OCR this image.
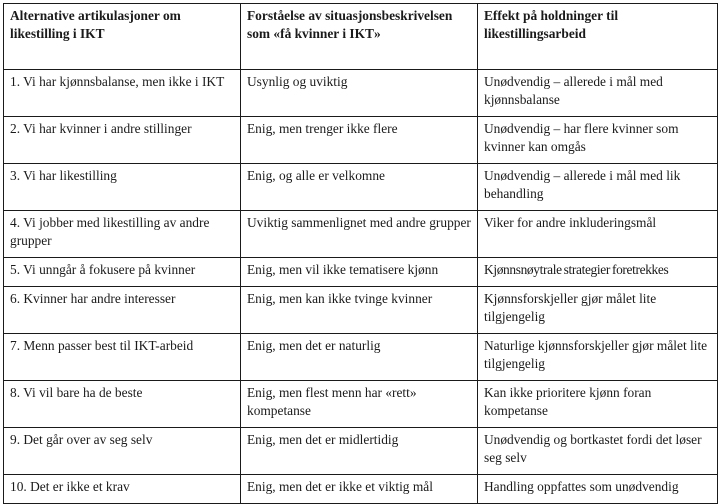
Alternative artikulasjoner om likestilling i IKT	Forståelse av situasjonsbeskrivelsen som «få kvinner i IKT»	Effekt på holdninger til likestillingsarbeid
1. Vi har kjønnsbalanse, men ikke i IKT	Usynlig og uviktig	Unødvendig – allerede i mål med kjønnsbalanse
2. Vi har kvinner i andre stillinger	Enig, men trenger ikke flere	Unødvendig – har flere kvinner som kvinner kan omgås
3. Vi har likestilling	Enig, og alle er velkomne	Unødvendig – allerede i mål med lik behandling
4. Vi jobber med likestilling av andre grupper	Uviktig sammenlignet med andre grupper	Viker for andre inkluderingsmål
5. Vi unngår å fokusere på kvinner	Enig, men vil ikke tematisere kjønn	Kjønnsnøytrale strategier foretrekkes
6. Kvinner har andre interesser	Enig, men kan ikke tvinge kvinner	Kjønnsforskjeller gjør målet lite tilgjengelig
7. Menn passer best til IKT-arbeid	Enig, men det er naturlig	Naturlige kjønnsforskjeller gjør målet lite tilgjengelig
8. Vi vil bare ha de beste	Enig, men flest menn har «rett» kompetanse	Kan ikke prioritere kjønn foran kompetanse
9. Det går over av seg selv	Enig, men det er midlertidig	Unødvendig og bortkastet fordi det løser seg selv
10. Det er ikke et krav	Enig, men det er ikke et viktig mål	Handling oppfattes som unødvendig
